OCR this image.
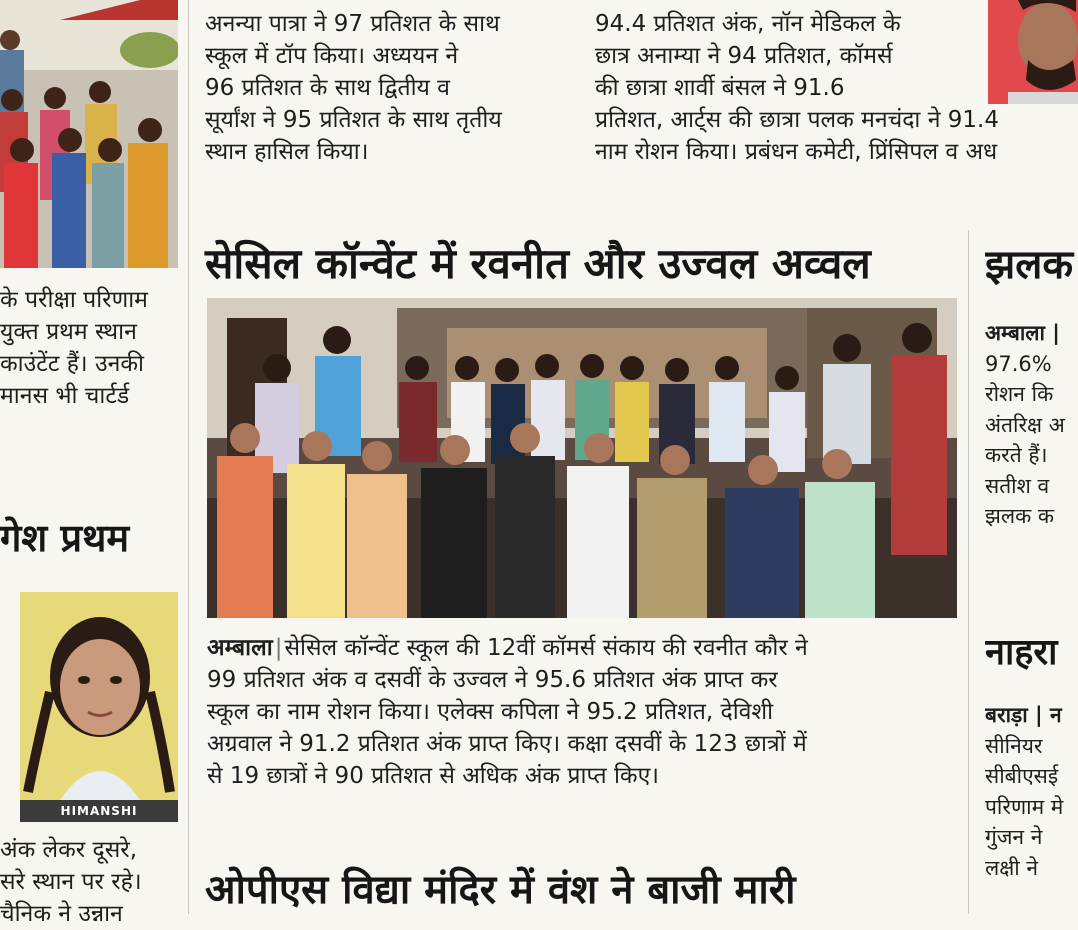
के परीक्षा परिणाम

युक्त प्रथम स्थान

काउंटेंट हैं। उनकी

मानस भी चार्टर्ड

गेश प्रथम
HIMANSHI

अंक लेकर दूसरे,

सरे स्थान पर रहे।

चैनिक ने उन्नान

अनन्या पात्रा ने 97 प्रतिशत के साथ

स्कूल में टॉप किया। अध्ययन ने

96 प्रतिशत के साथ द्वितीय व

सूर्यांश ने 95 प्रतिशत के साथ तृतीय

स्थान हासिल किया।

94.4 प्रतिशत अंक, नॉन मेडिकल के

छात्र अनाम्या ने 94 प्रतिशत, कॉमर्स

की छात्रा शार्वी बंसल ने 91.6

प्रतिशत, आर्ट्स की छात्रा पलक मनचंदा ने 91.4

नाम रोशन किया। प्रबंधन कमेटी, प्रिंसिपल व अध

सेसिल कॉन्वेंट में रवनीत और उज्वल अव्वल

अम्बाला|सेसिल कॉन्वेंट स्कूल की 12वीं कॉमर्स संकाय की रवनीत कौर ने

99 प्रतिशत अंक व दसवीं के उज्वल ने 95.6 प्रतिशत अंक प्राप्त कर

स्कूल का नाम रोशन किया। एलेक्स कपिला ने 95.2 प्रतिशत, देविशी

अग्रवाल ने 91.2 प्रतिशत अंक प्राप्त किए। कक्षा दसवीं के 123 छात्रों में

से 19 छात्रों ने 90 प्रतिशत से अधिक अंक प्राप्त किए।

ओपीएस विद्या मंदिर में वंश ने बाजी मारी
झलक

अम्बाला |

97.6%

रोशन कि

अंतरिक्ष अ

करते हैं।

सतीश व

झलक क

नाहरा

बराड़ा | न

सीनियर

सीबीएसई

परिणाम मे

गुंजन ने

लक्षी ने
